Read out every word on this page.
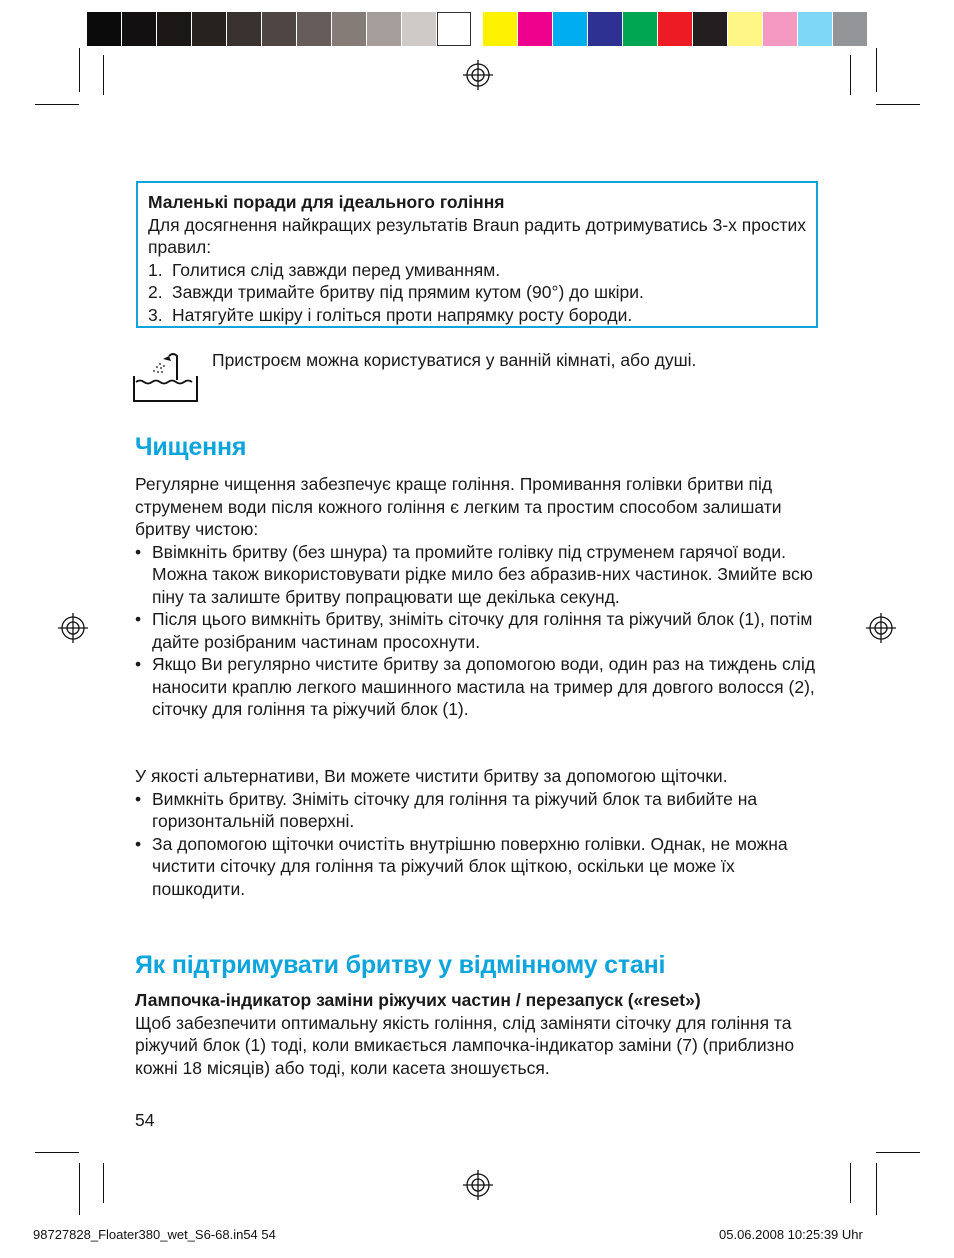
Маленькі поради для ідеального гоління
Для досягнення найкращих результатів Braun радить дотримуватись 3-х простих правил:
1. Голитися слід завжди перед умиванням.
2. Завжди тримайте бритву під прямим кутом (90°) до шкіри.
3. Натягуйте шкіру і голіться проти напрямку росту бороди.
Пристроєм можна користуватися у ванній кімнаті, або душі.
Чищення
Регулярне чищення забезпечує краще гоління. Промивання голівки бритви під струменем води після кожного гоління є легким та простим способом залишати бритву чистою:
• Ввімкніть бритву (без шнура) та промийте голівку під струменем гарячої води. Можна також використовувати рідке мило без абразив-них частинок. Змийте всю піну та залиште бритву попрацювати ще декілька секунд.
• Після цього вимкніть бритву, зніміть сіточку для гоління та ріжучий блок (1), потім дайте розібраним частинам просохнути.
• Якщо Ви регулярно чистите бритву за допомогою води, один раз на тиждень слід наносити краплю легкого машинного мастила на тример для довгого волосся (2), сіточку для гоління та ріжучий блок (1).
У якості альтернативи, Ви можете чистити бритву за допомогою щіточки.
• Вимкніть бритву. Зніміть сіточку для гоління та ріжучий блок та вибийте на горизонтальній поверхні.
• За допомогою щіточки очистіть внутрішню поверхню голівки. Однак, не можна чистити сіточку для гоління та ріжучий блок щіткою, оскільки це може їх пошкодити.
Як підтримувати бритву у відмінному стані
Лампочка-індикатор заміни ріжучих частин / перезапуск («reset»)
Щоб забезпечити оптимальну якість гоління, слід заміняти сіточку для гоління та ріжучий блок (1) тоді, коли вмикається лампочка-індикатор заміни (7) (приблизно кожні 18 місяців) або тоді, коли касета зношується.
54
98727828_Floater380_wet_S6-68.in54 54	05.06.2008 10:25:39 Uhr
